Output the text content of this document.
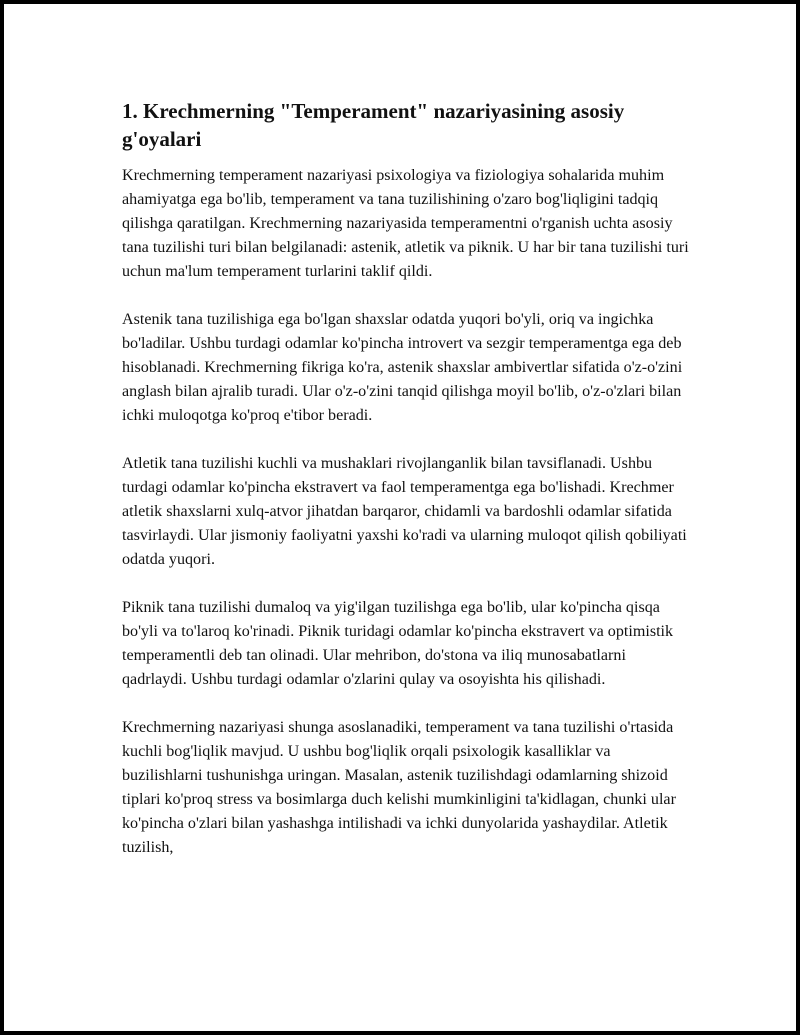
1. Krechmerning "Temperament" nazariyasining asosiy g'oyalari

Krechmerning temperament nazariyasi psixologiya va fiziologiya sohalarida muhim ahamiyatga ega bo'lib, temperament va tana tuzilishining o'zaro bog'liqligini tadqiq qilishga qaratilgan. Krechmerning nazariyasida temperamentni o'rganish uchta asosiy tana tuzilishi turi bilan belgilanadi: astenik, atletik va piknik. U har bir tana tuzilishi turi uchun ma'lum temperament turlarini taklif qildi.

Astenik tana tuzilishiga ega bo'lgan shaxslar odatda yuqori bo'yli, oriq va ingichka bo'ladilar. Ushbu turdagi odamlar ko'pincha introvert va sezgir temperamentga ega deb hisoblanadi. Krechmerning fikriga ko'ra, astenik shaxslar ambivertlar sifatida o'z-o'zini anglash bilan ajralib turadi. Ular o'z-o'zini tanqid qilishga moyil bo'lib, o'z-o'zlari bilan ichki muloqotga ko'proq e'tibor beradi.

Atletik tana tuzilishi kuchli va mushaklari rivojlanganlik bilan tavsiflanadi. Ushbu turdagi odamlar ko'pincha ekstravert va faol temperamentga ega bo'lishadi. Krechmer atletik shaxslarni xulq-atvor jihatdan barqaror, chidamli va bardoshli odamlar sifatida tasvirlaydi. Ular jismoniy faoliyatni yaxshi ko'radi va ularning muloqot qilish qobiliyati odatda yuqori.

Piknik tana tuzilishi dumaloq va yig'ilgan tuzilishga ega bo'lib, ular ko'pincha qisqa bo'yli va to'laroq ko'rinadi. Piknik turidagi odamlar ko'pincha ekstravert va optimistik temperamentli deb tan olinadi. Ular mehribon, do'stona va iliq munosabatlarni qadrlaydi. Ushbu turdagi odamlar o'zlarini qulay va osoyishta his qilishadi.

Krechmerning nazariyasi shunga asoslanadiki, temperament va tana tuzilishi o'rtasida kuchli bog'liqlik mavjud. U ushbu bog'liqlik orqali psixologik kasalliklar va buzilishlarni tushunishga uringan. Masalan, astenik tuzilishdagi odamlarning shizoid tiplari ko'proq stress va bosimlarga duch kelishi mumkinligini ta'kidlagan, chunki ular ko'pincha o'zlari bilan yashashga intilishadi va ichki dunyolarida yashaydilar. Atletik tuzilish,
